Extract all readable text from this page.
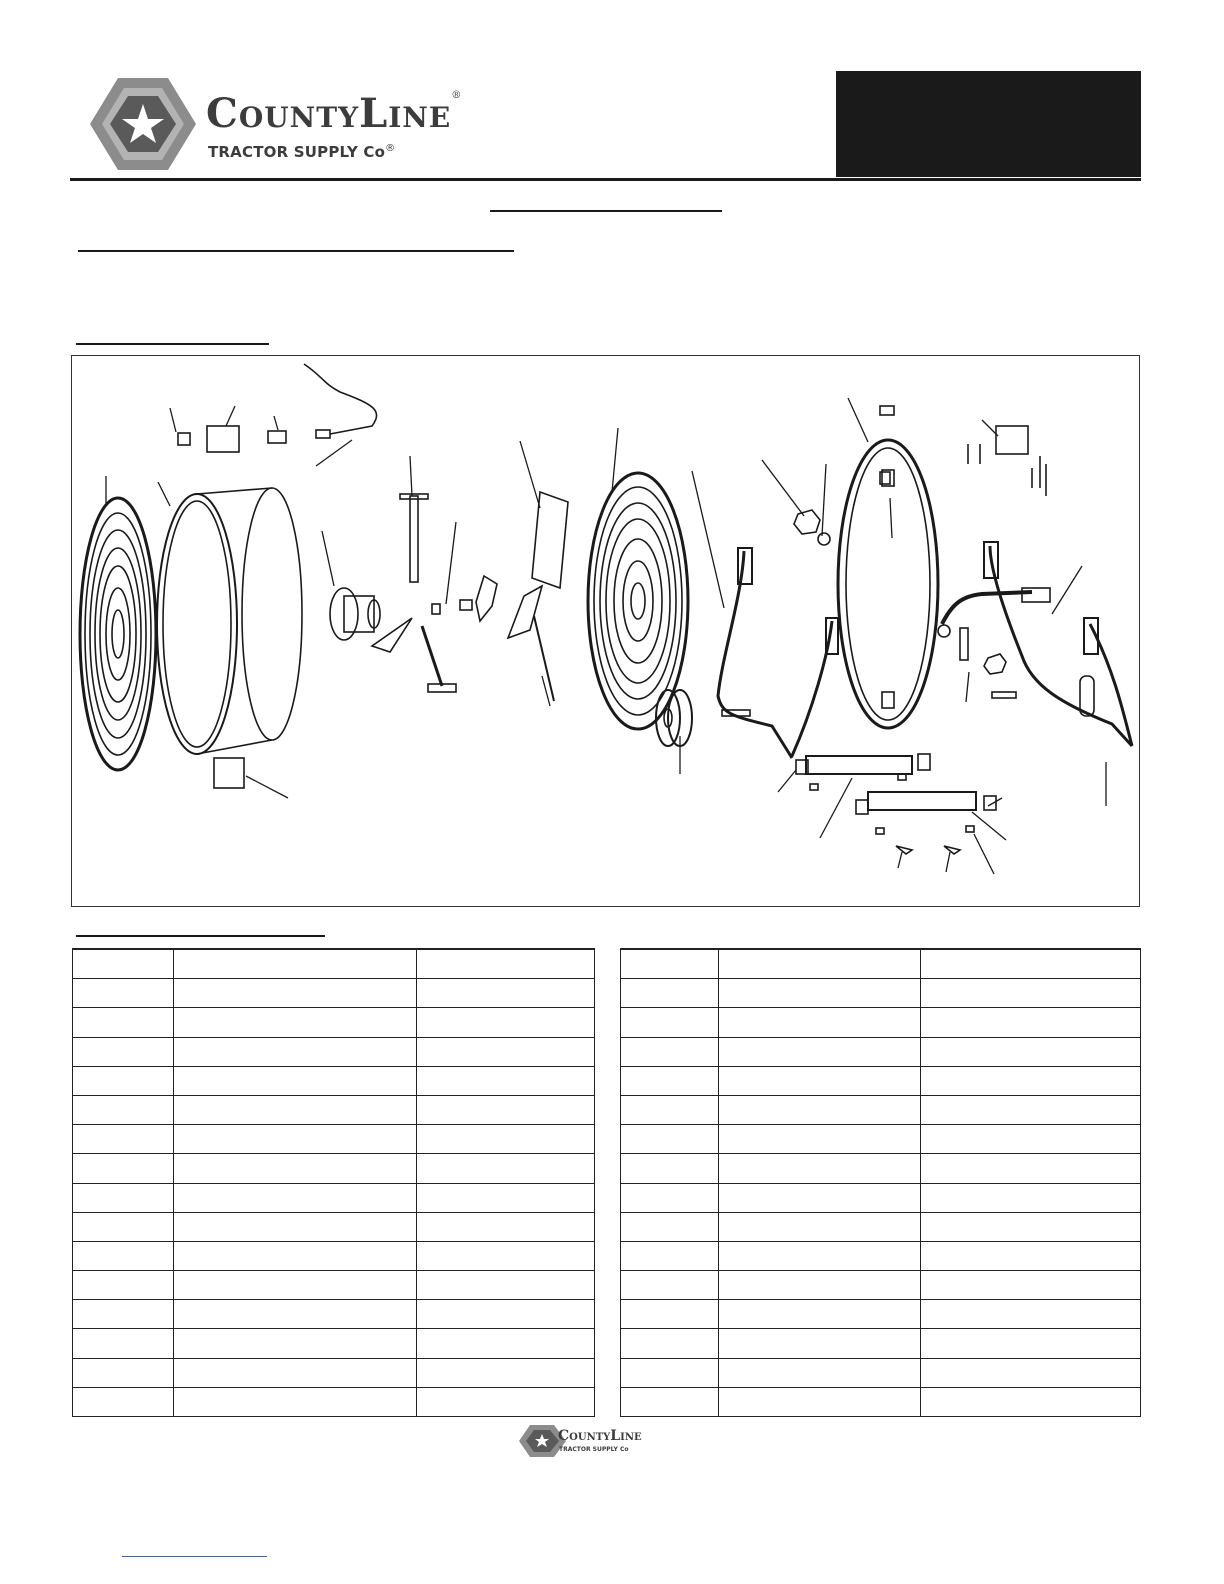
CountyLine®
TRACTOR SUPPLY Co®

CountyLine
TRACTOR SUPPLY Co
